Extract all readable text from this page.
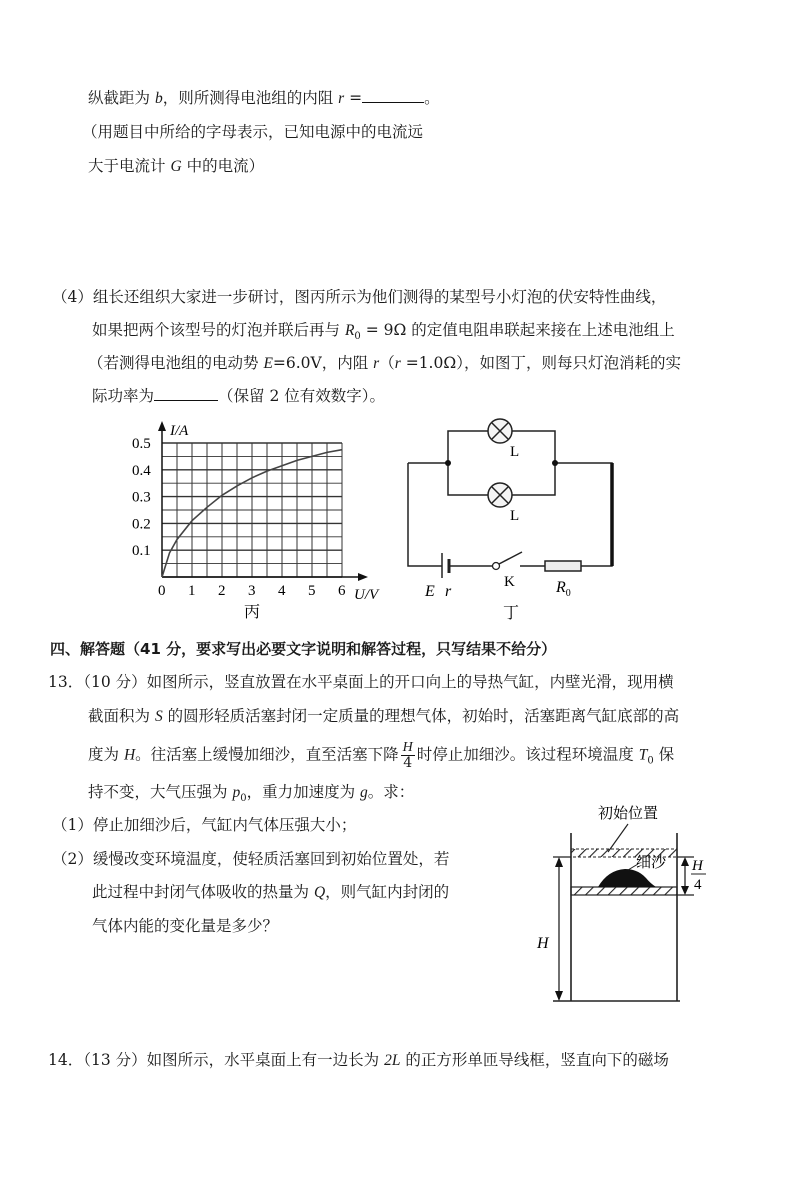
纵截距为 b，则所测得电池组的内阻 r =	。
（用题目中所给的字母表示，已知电源中的电流远
大于电流计 G 中的电流）
（4）组长还组织大家进一步研讨，图丙所示为他们测得的某型号小灯泡的伏安特性曲线，
如果把两个该型号的灯泡并联后再与 $R_0 = 9\Omega$ 的定值电阻串联起来接在上述电池组上
（若测得电池组的电动势 E=6.0V，内阻 r（r =1.0Ω），如图丁，则每只灯泡消耗的实
际功率为	（保留 2 位有效数字）。
0 1 2 3 4 5 6
0.1
0.2
0.3
0.4
0.5
I/A
U/V
丙
L
L
E r
K	$R_0$
丁
四、解答题（41 分，要求写出必要文字说明和解答过程，只写结果不给分）
13．（10 分）如图所示，竖直放置在水平桌面上的开口向上的导热气缸，内壁光滑，现用横
截面积为 S 的圆形轻质活塞封闭一定质量的理想气体，初始时，活塞距离气缸底部的高
度为 H。往活塞上缓慢加细沙，直至活塞下降 $\frac{H}{4}$ 时停止加细沙。该过程环境温度 $T_0$ 保
持不变，大气压强为 $p_0$，重力加速度为 g。求：
（1）停止加细沙后，气缸内气体压强大小；
（2）缓慢改变环境温度，使轻质活塞回到初始位置处，若
此过程中封闭气体吸收的热量为 Q，则气缸内封闭的
气体内能的变化量是多少？
初始位置
细沙
H
H
4
14．（13 分）如图所示，水平桌面上有一边长为 2L 的正方形单匝导线框，竖直向下的磁场
